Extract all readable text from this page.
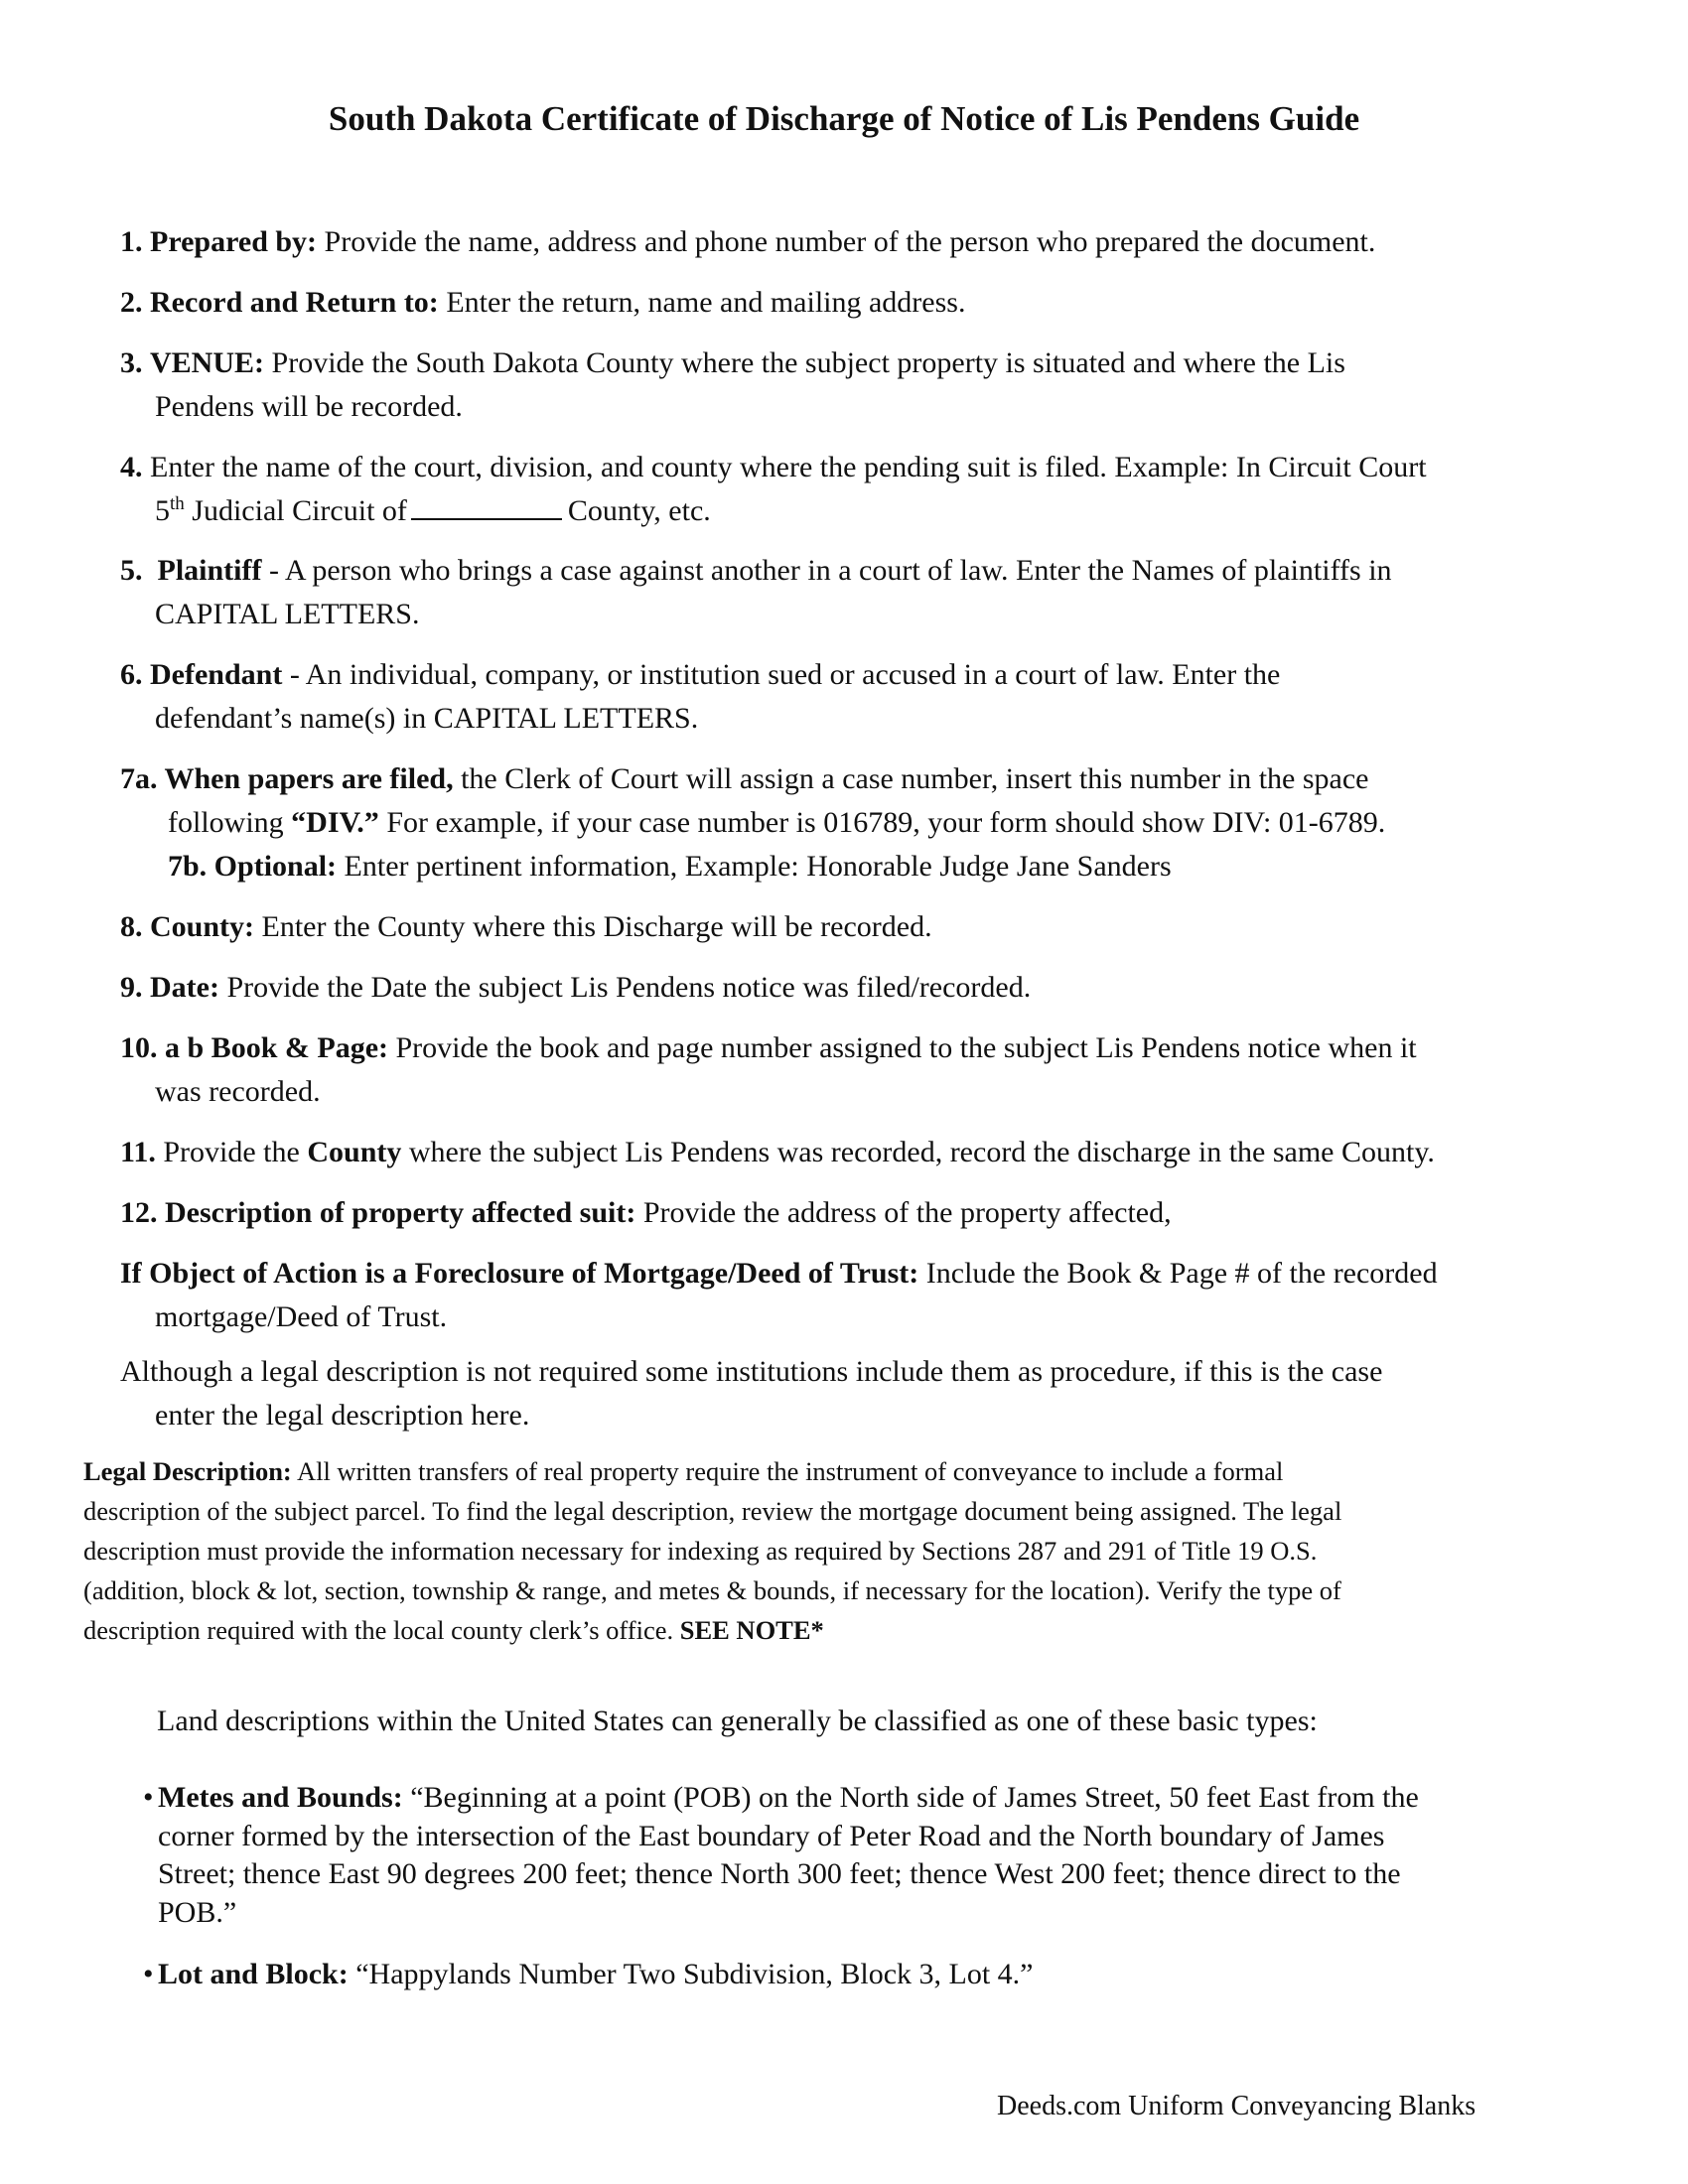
South Dakota Certificate of Discharge of Notice of Lis Pendens Guide
1. Prepared by: Provide the name, address and phone number of the person who prepared the document.
2. Record and Return to: Enter the return, name and mailing address.
3. VENUE: Provide the South Dakota County where the subject property is situated and where the Lis
Pendens will be recorded.
4. Enter the name of the court, division, and county where the pending suit is filed. Example: In Circuit Court
5th Judicial Circuit of	County, etc.
5. Plaintiff - A person who brings a case against another in a court of law. Enter the Names of plaintiffs in
CAPITAL LETTERS.
6. Defendant - An individual, company, or institution sued or accused in a court of law. Enter the
defendant’s name(s) in CAPITAL LETTERS.
7a. When papers are filed, the Clerk of Court will assign a case number, insert this number in the space
following “DIV.” For example, if your case number is 016789, your form should show DIV: 01-6789.
7b. Optional: Enter pertinent information, Example: Honorable Judge Jane Sanders
8. County: Enter the County where this Discharge will be recorded.
9. Date: Provide the Date the subject Lis Pendens notice was filed/recorded.
10. a b Book & Page: Provide the book and page number assigned to the subject Lis Pendens notice when it
was recorded.
11. Provide the County where the subject Lis Pendens was recorded, record the discharge in the same County.
12. Description of property affected suit: Provide the address of the property affected,
If Object of Action is a Foreclosure of Mortgage/Deed of Trust: Include the Book & Page # of the recorded
mortgage/Deed of Trust.
Although a legal description is not required some institutions include them as procedure, if this is the case
enter the legal description here.
Legal Description: All written transfers of real property require the instrument of conveyance to include a formal
description of the subject parcel. To find the legal description, review the mortgage document being assigned. The legal
description must provide the information necessary for indexing as required by Sections 287 and 291 of Title 19 O.S.
(addition, block & lot, section, township & range, and metes & bounds, if necessary for the location). Verify the type of
description required with the local county clerk’s office. SEE NOTE*
Land descriptions within the United States can generally be classified as one of these basic types:
• Metes and Bounds: “Beginning at a point (POB) on the North side of James Street, 50 feet East from the
corner formed by the intersection of the East boundary of Peter Road and the North boundary of James
Street; thence East 90 degrees 200 feet; thence North 300 feet; thence West 200 feet; thence direct to the
POB.”
• Lot and Block: “Happylands Number Two Subdivision, Block 3, Lot 4.”
Deeds.com Uniform Conveyancing Blanks
